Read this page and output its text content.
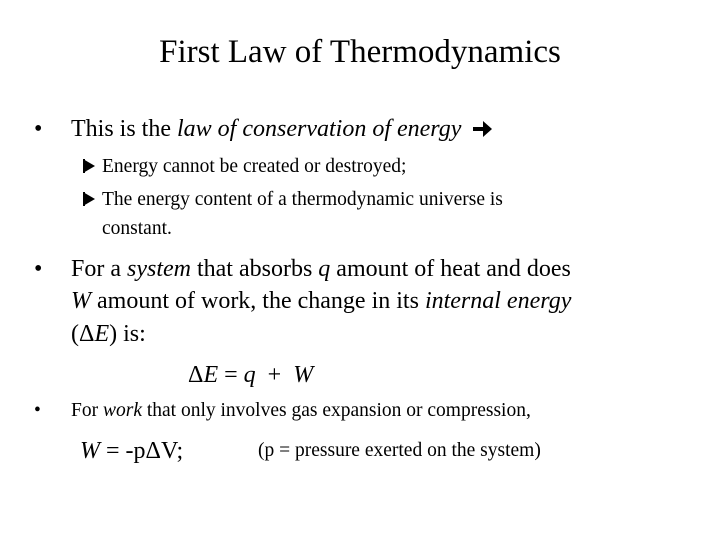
First Law of Thermodynamics
• This is the law of conservation of energy
Energy cannot be created or destroyed;
The energy content of a thermodynamic universe is
constant.
• For a system that absorbs q amount of heat and does
W amount of work, the change in its internal energy
(ΔE) is:
ΔE = q  +  W
• For work that only involves gas expansion or compression,
W = -pΔV;	(p = pressure exerted on the system)
